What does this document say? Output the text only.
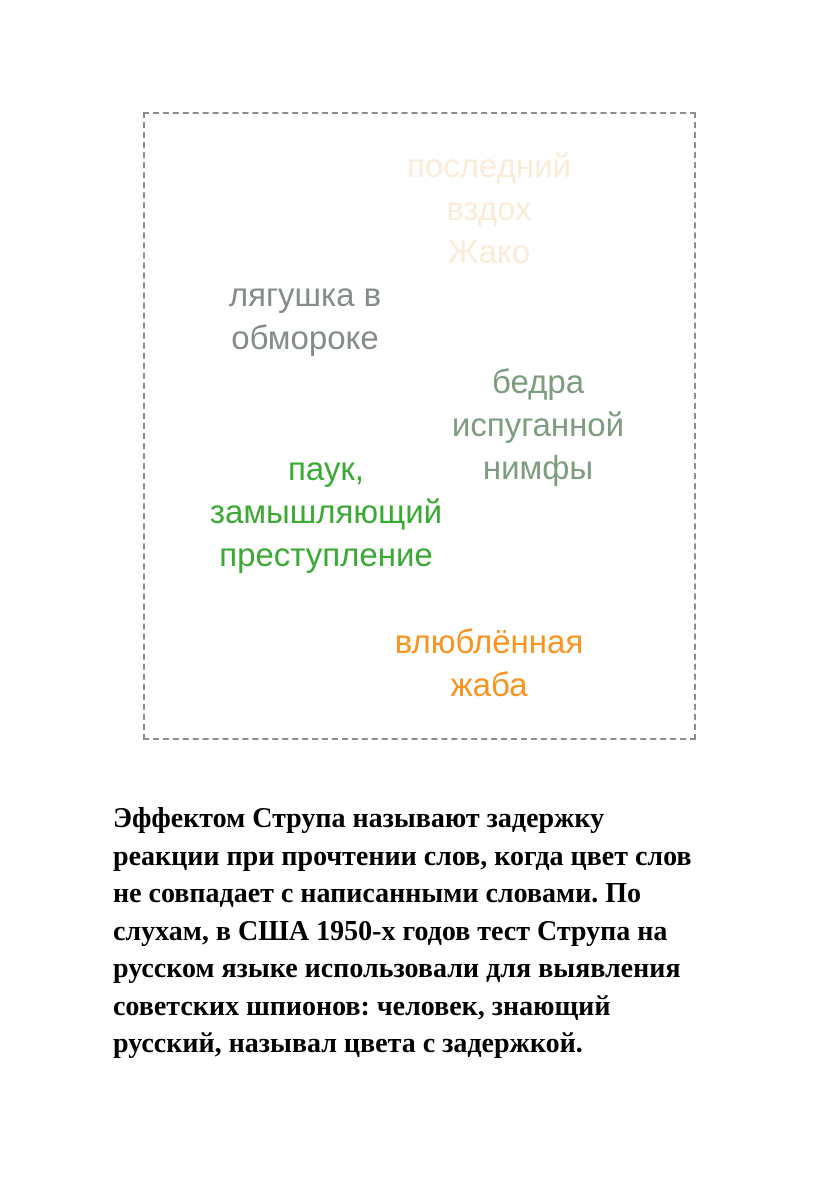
последний
вздох
Жако
лягушка в
обмороке
бедра
испуганной
нимфы
паук,
замышляющий
преступление
влюблённая
жаба
Эффектом Струпа называют задержку
реакции при прочтении слов, когда цвет слов
не совпадает с написанными словами. По
слухам, в США 1950-х годов тест Струпа на
русском языке использовали для выявления
советских шпионов: человек, знающий
русский, называл цвета с задержкой.
